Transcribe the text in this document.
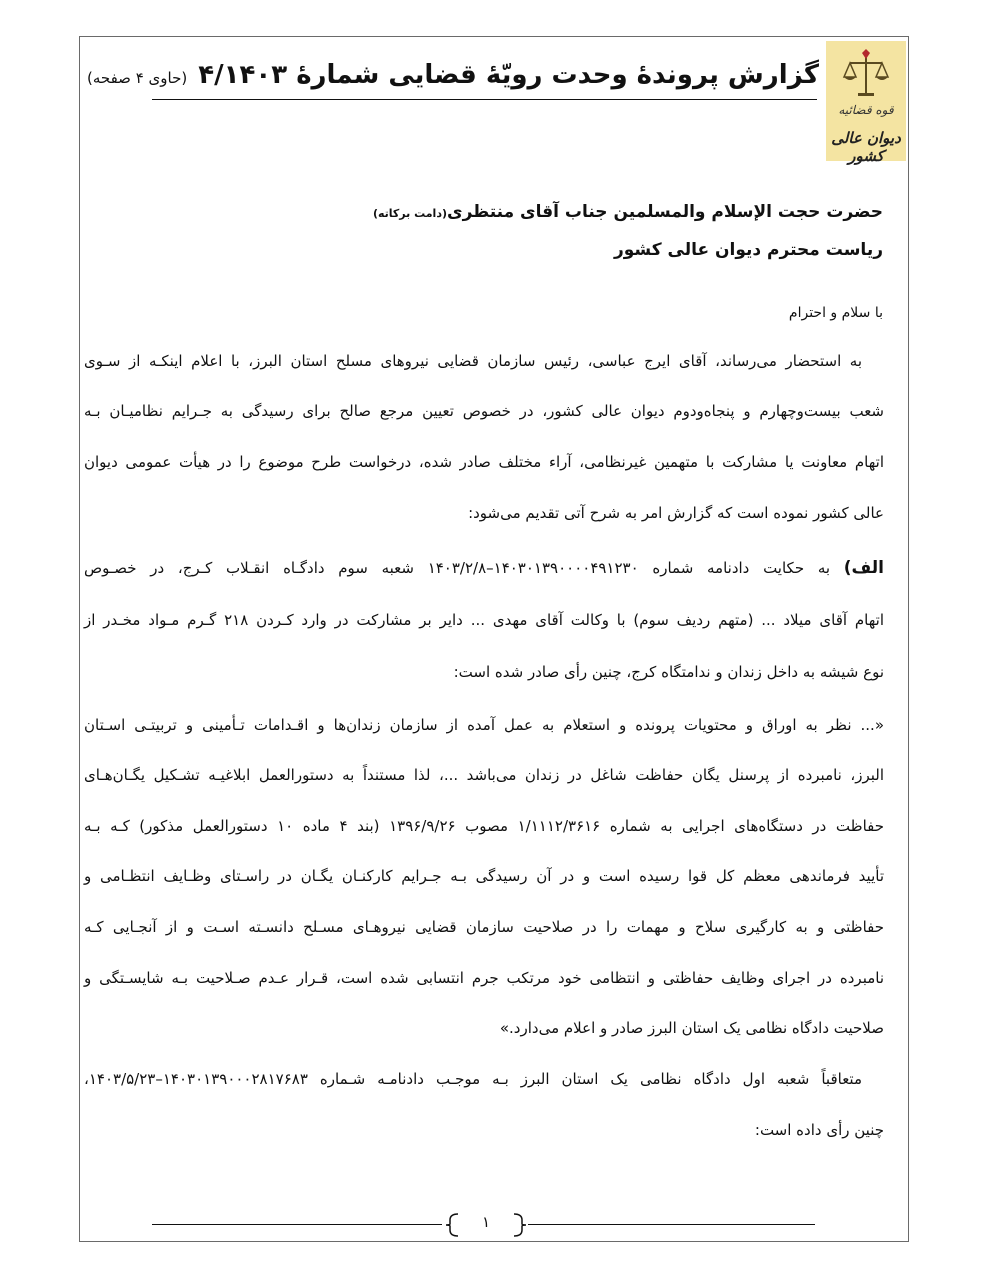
قوه قضائیه
دیوان عالی کشور
گزارش پروندهٔ وحدت رویّهٔ قضایی شمارهٔ ۴/۱۴۰۳ (حاوی ۴ صفحه)
حضرت حجت الإسلام والمسلمین جناب آقای منتظری(دامت برکاته)
ریاست محترم دیوان عالی کشور
با سلام و احترام
به استحضار می‌رساند، آقای ایرج عباسی، رئیس سازمان قضایی نیروهای مسلح استان البرز، با اعلام اینکـه از سـوی
شعب بیست‌وچهارم و پنجاه‌ودوم دیوان عالی کشور، در خصوص تعیین مرجع صالح برای رسیدگی به جـرایم نظامیـان بـه
اتهام معاونت یا مشارکت با متهمین غیرنظامی، آراء مختلف صادر شده، درخواست طرح موضوع را در هیأت عمومی دیوان
عالی کشور نموده است که گزارش امر به شرح آتی تقدیم می‌شود:
الف) به حکایت دادنامه شماره ۱۴۰۳۰۱۳۹۰۰۰۰۴۹۱۲۳۰–۱۴۰۳/۲/۸ شعبه سوم دادگـاه انقـلاب کـرج، در خصـوص
اتهام آقای میلاد ... (متهم ردیف سوم) با وکالت آقای مهدی ... دایر بر مشارکت در وارد کـردن ۲۱۸ گـرم مـواد مخـدر از
نوع شیشه به داخل زندان و ندامتگاه کرج، چنین رأی صادر شده است:
«... نظر به اوراق و محتویات پرونده و استعلام به عمل آمده از سازمان زندان‌ها و اقـدامات تـأمینی و تربیتـی اسـتان
البرز، نامبرده از پرسنل یگان حفاظت شاغل در زندان می‌باشد ...، لذا مستنداً به دستورالعمل ابلاغیـه تشـکیل یگـان‌هـای
حفاظت در دستگاه‌های اجرایی به شماره ۱/۱۱۱۲/۳۶۱۶ مصوب ۱۳۹۶/۹/۲۶ (بند ۴ ماده ۱۰ دستورالعمل مذکور) کـه بـه
تأیید فرماندهی معظم کل قوا رسیده است و در آن رسیدگی بـه جـرایم کارکنـان یگـان در راسـتای وظـایف انتظـامی و
حفاظتی و به کارگیری سلاح و مهمات را در صلاحیت سازمان قضایی نیروهـای مسـلح دانسـته اسـت و از آنجـایی کـه
نامبرده در اجرای وظایف حفاظتی و انتظامی خود مرتکب جرم انتسابی شده است، قـرار عـدم صـلاحیت بـه شایسـتگی و
صلاحیت دادگاه نظامی یک استان البرز صادر و اعلام می‌دارد.»
متعاقباً شعبه اول دادگاه نظامی یک استان البرز بـه موجـب دادنامـه شـماره ۱۴۰۳۰۱۳۹۰۰۰۲۸۱۷۶۸۳–۱۴۰۳/۵/۲۳،
چنین رأی داده است:
۱
